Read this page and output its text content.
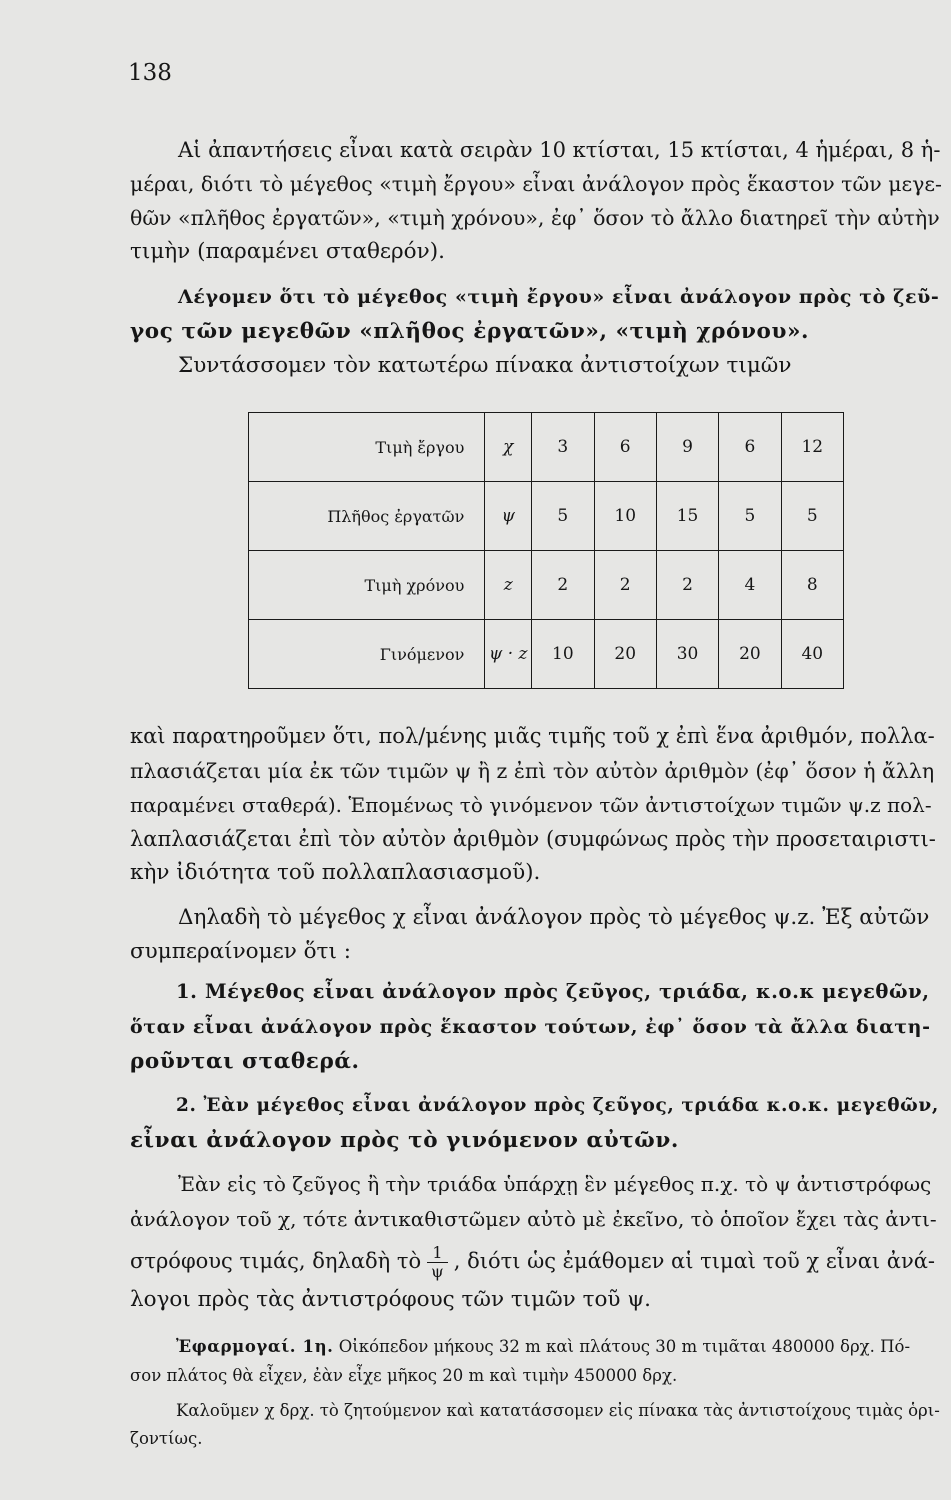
138
Αἱ ἀπαντήσεις εἶναι κατὰ σειρὰν 10 κτίσται, 15 κτίσται, 4 ἡμέραι, 8 ἡ-
μέραι, διότι τὸ μέγεθος «τιμὴ ἔργου» εἶναι ἀνάλογον πρὸς ἕκαστον τῶν μεγε-
θῶν «πλῆθος ἐργατῶν», «τιμὴ χρόνου», ἐφ᾽ ὅσον τὸ ἄλλο διατηρεῖ τὴν αὐτὴν
τιμὴν (παραμένει σταθερόν).
Λέγομεν ὅτι τὸ μέγεθος «τιμὴ ἔργου» εἶναι ἀνάλογον πρὸς τὸ ζεῦ-
γος τῶν μεγεθῶν «πλῆθος ἐργατῶν», «τιμὴ χρόνου».
Συντάσσομεν τὸν κατωτέρω πίνακα ἀντιστοίχων τιμῶν
Τιμὴ ἔργου	χ	3	6	9	6	12
Πλῆθος ἐργατῶν	ψ	5	10	15	5	5
Τιμὴ χρόνου	z	2	2	2	4	8
Γινόμενον	ψ · z	10	20	30	20	40
καὶ παρατηροῦμεν ὅτι, πολ/μένης μιᾶς τιμῆς τοῦ χ ἐπὶ ἕνα ἀριθμόν, πολλα-
πλασιάζεται μία ἐκ τῶν τιμῶν ψ ἢ z ἐπὶ τὸν αὐτὸν ἀριθμὸν (ἐφ᾽ ὅσον ἡ ἄλλη
παραμένει σταθερά). Ἑπομένως τὸ γινόμενον τῶν ἀντιστοίχων τιμῶν ψ.z πολ-
λαπλασιάζεται ἐπὶ τὸν αὐτὸν ἀριθμὸν (συμφώνως πρὸς τὴν προσεταιριστι-
κὴν ἰδιότητα τοῦ πολλαπλασιασμοῦ).
Δηλαδὴ τὸ μέγεθος χ εἶναι ἀνάλογον πρὸς τὸ μέγεθος ψ.z. Ἐξ αὐτῶν
συμπεραίνομεν ὅτι :
1. Μέγεθος εἶναι ἀνάλογον πρὸς ζεῦγος, τριάδα, κ.ο.κ μεγεθῶν,
ὅταν εἶναι ἀνάλογον πρὸς ἕκαστον τούτων, ἐφ᾽ ὅσον τὰ ἄλλα διατη-
ροῦνται σταθερά.
2. Ἐὰν μέγεθος εἶναι ἀνάλογον πρὸς ζεῦγος, τριάδα κ.ο.κ. μεγεθῶν,
εἶναι ἀνάλογον πρὸς τὸ γινόμενον αὐτῶν.
Ἐὰν εἰς τὸ ζεῦγος ἢ τὴν τριάδα ὑπάρχῃ ἓν μέγεθος π.χ. τὸ ψ ἀντιστρόφως
ἀνάλογον τοῦ χ, τότε ἀντικαθιστῶμεν αὐτὸ μὲ ἐκεῖνο, τὸ ὁποῖον ἔχει τὰς ἀντι-
στρόφους τιμάς, δηλαδὴ τὸ $\frac{1}{\psi}$ , διότι ὡς ἐμάθομεν αἱ τιμαὶ τοῦ χ εἶναι ἀνά-
λογοι πρὸς τὰς ἀντιστρόφους τῶν τιμῶν τοῦ ψ.
Ἐφαρμογαί. 1η. Οἰκόπεδον μήκους 32 m καὶ πλάτους 30 m τιμᾶται 480000 δρχ. Πό-
σον πλάτος θὰ εἶχεν, ἐὰν εἶχε μῆκος 20 m καὶ τιμὴν 450000 δρχ.
Καλοῦμεν χ δρχ. τὸ ζητούμενον καὶ κατατάσσομεν εἰς πίνακα τὰς ἀντιστοίχους τιμὰς ὁρι-
ζοντίως.
